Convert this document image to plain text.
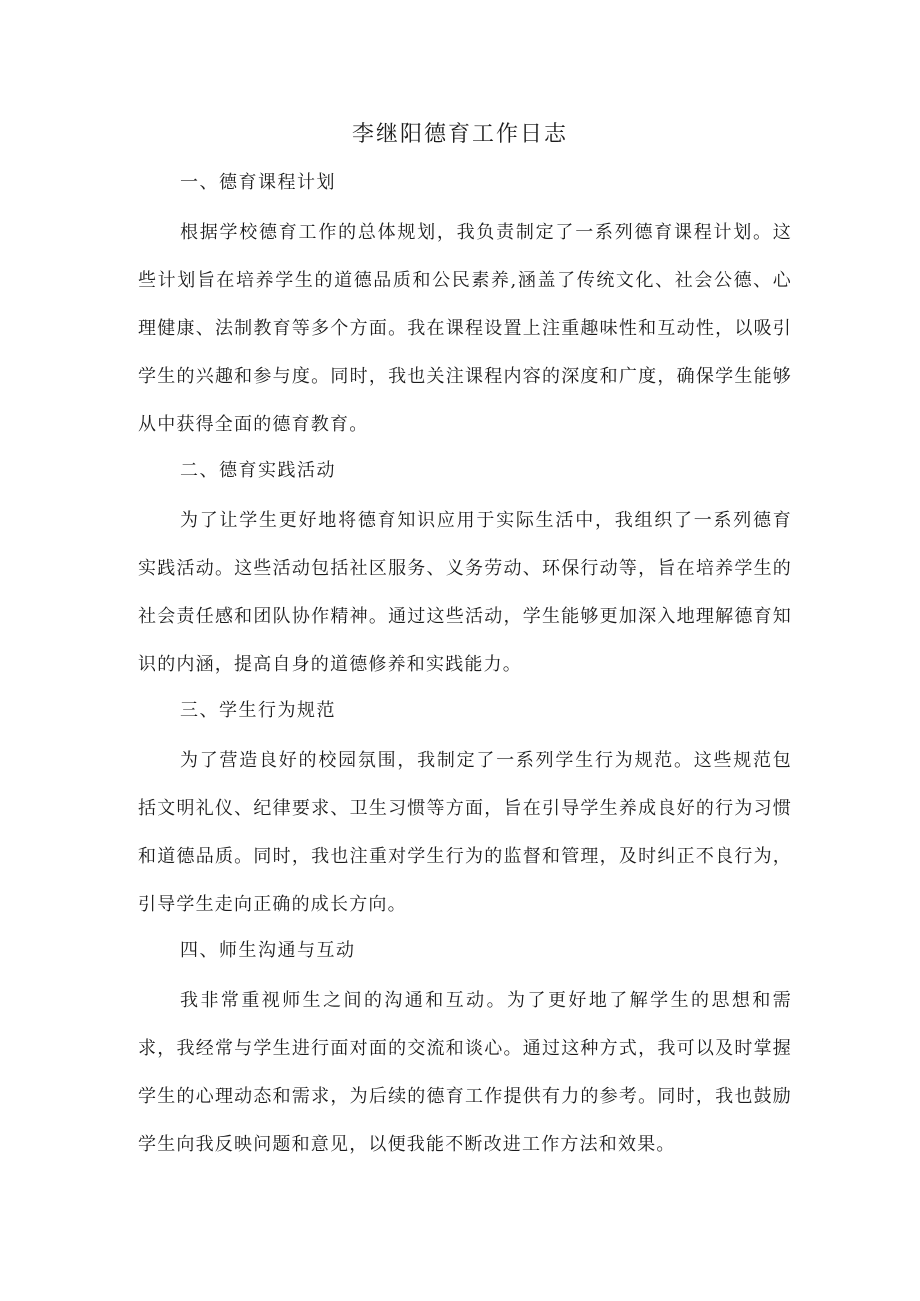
李继阳德育工作日志
一、德育课程计划

根据学校德育工作的总体规划，我负责制定了一系列德育课程计划。这些计划旨在培养学生的道德品质和公民素养,涵盖了传统文化、社会公德、心理健康、法制教育等多个方面。我在课程设置上注重趣味性和互动性，以吸引学生的兴趣和参与度。同时，我也关注课程内容的深度和广度，确保学生能够从中获得全面的德育教育。

二、德育实践活动

为了让学生更好地将德育知识应用于实际生活中，我组织了一系列德育实践活动。这些活动包括社区服务、义务劳动、环保行动等，旨在培养学生的社会责任感和团队协作精神。通过这些活动，学生能够更加深入地理解德育知识的内涵，提高自身的道德修养和实践能力。

三、学生行为规范

为了营造良好的校园氛围，我制定了一系列学生行为规范。这些规范包括文明礼仪、纪律要求、卫生习惯等方面，旨在引导学生养成良好的行为习惯和道德品质。同时，我也注重对学生行为的监督和管理，及时纠正不良行为，引导学生走向正确的成长方向。

四、师生沟通与互动

我非常重视师生之间的沟通和互动。为了更好地了解学生的思想和需求，我经常与学生进行面对面的交流和谈心。通过这种方式，我可以及时掌握学生的心理动态和需求，为后续的德育工作提供有力的参考。同时，我也鼓励学生向我反映问题和意见，以便我能不断改进工作方法和效果。
